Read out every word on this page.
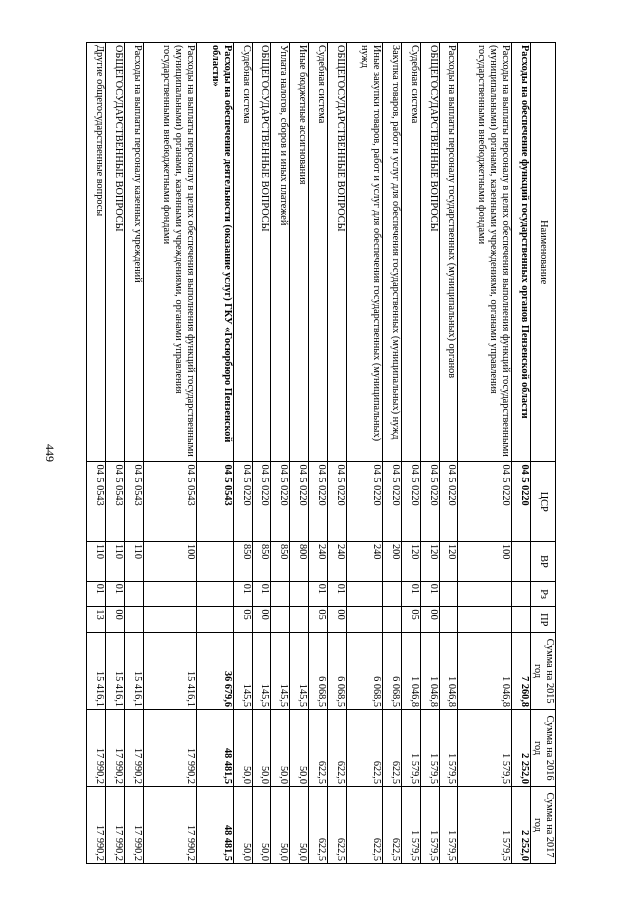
449
Наименование	ЦСР	ВР	Рз	ПР	Сумма на 2015 год	Сумма на 2016 год	Сумма на 2017 год
Расходы на обеспечение функций государственных органов Пензенской области	04 5 0220				7 260,8	2 252,0	2 252,0
Расходы на выплаты персоналу в целях обеспечения выполнения функций государственными (муниципальными) органами, казенными учреждениями, органами управления государственными внебюджетными фондами	04 5 0220	100			1 046,8	1 579,5	1 579,5
Расходы на выплаты персоналу государственных (муниципальных) органов	04 5 0220	120			1 046,8	1 579,5	1 579,5
ОБЩЕГОСУДАРСТВЕННЫЕ ВОПРОСЫ	04 5 0220	120	01	00	1 046,8	1 579,5	1 579,5
Судебная система	04 5 0220	120	01	05	1 046,8	1 579,5	1 579,5
Закупка товаров, работ и услуг для обеспечения государственных (муниципальных) нужд	04 5 0220	200			6 068,5	622,5	622,5
Иные закупки товаров, работ и услуг для обеспечения государственных (муниципальных) нужд	04 5 0220	240			6 068,5	622,5	622,5
ОБЩЕГОСУДАРСТВЕННЫЕ ВОПРОСЫ	04 5 0220	240	01	00	6 068,5	622,5	622,5
Судебная система	04 5 0220	240	01	05	6 068,5	622,5	622,5
Иные бюджетные ассигнования	04 5 0220	800			145,5	50,0	50,0
Уплата налогов, сборов и иных платежей	04 5 0220	850			145,5	50,0	50,0
ОБЩЕГОСУДАРСТВЕННЫЕ ВОПРОСЫ	04 5 0220	850	01	00	145,5	50,0	50,0
Судебная система	04 5 0220	850	01	05	145,5	50,0	50,0
Расходы на обеспечение деятельности (оказание услуг) ГКУ «Госюрбюро Пензенской области»	04 5 0543				36 679,6	48 481,5	48 481,5
Расходы на выплаты персоналу в целях обеспечения выполнения функций государственными (муниципальными) органами, казенными учреждениями, органами управления государственными внебюджетными фондами	04 5 0543	100			15 416,1	17 990,2	17 990,2
Расходы на выплаты персоналу казенных учреждений	04 5 0543	110			15 416,1	17 990,2	17 990,2
ОБЩЕГОСУДАРСТВЕННЫЕ ВОПРОСЫ	04 5 0543	110	01	00	15 416,1	17 990,2	17 990,2
Другие общегосударственные вопросы	04 5 0543	110	01	13	15 416,1	17 990,2	17 990,2
